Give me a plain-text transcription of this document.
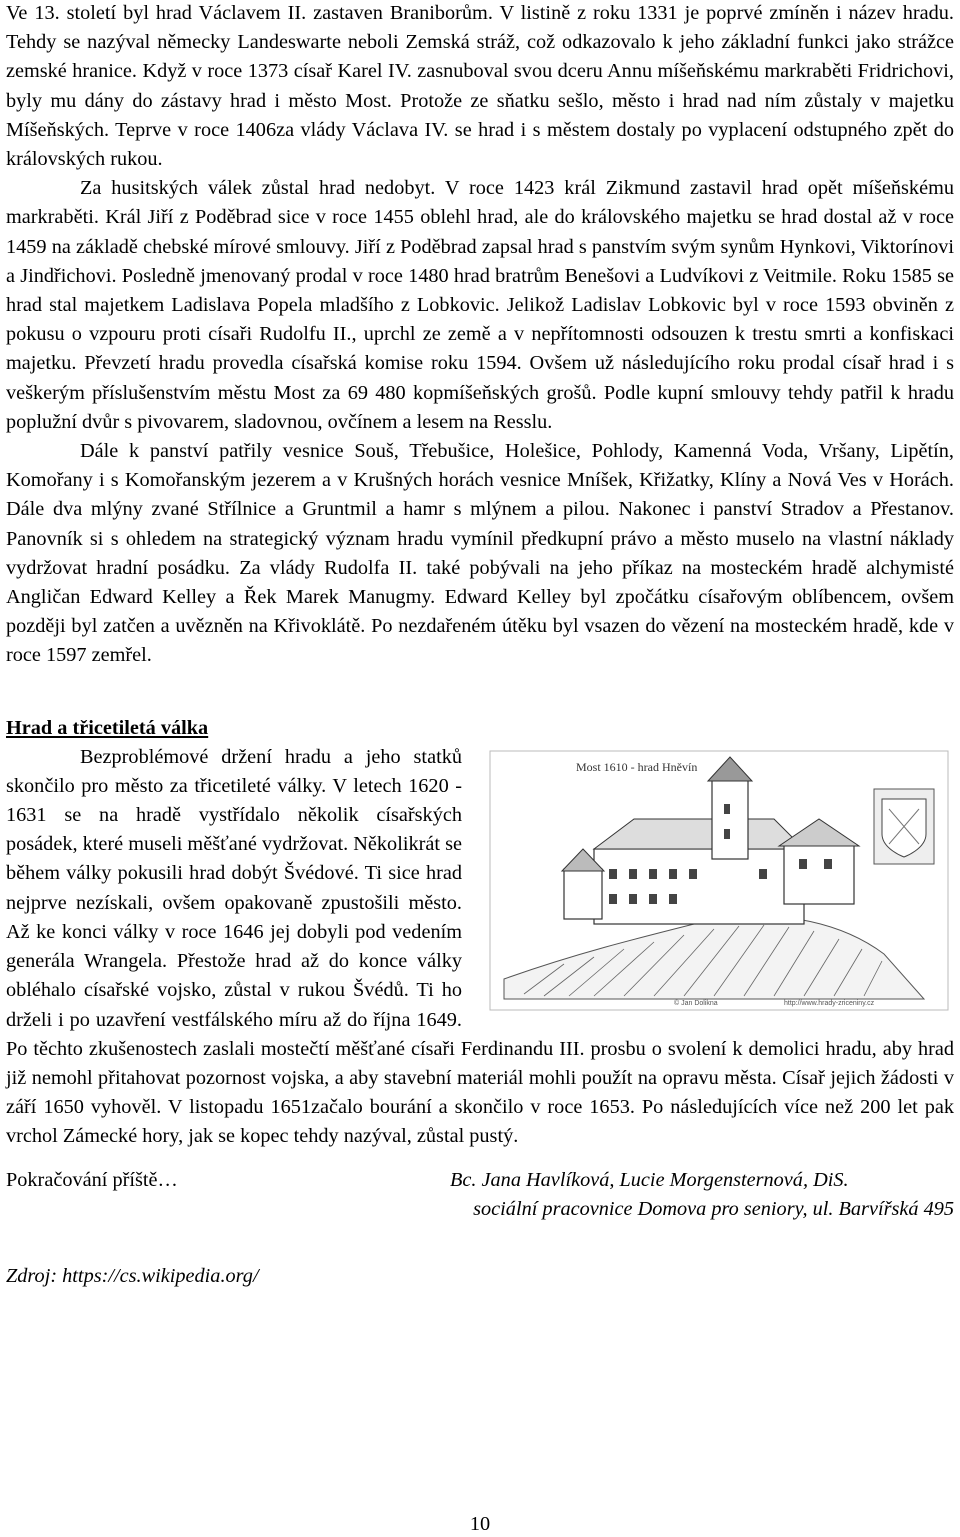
Ve 13. století byl hrad Václavem II. zastaven Braniborům. V listině z roku 1331 je poprvé zmíněn i název hradu. Tehdy se nazýval německy Landeswarte neboli Zemská stráž, což odkazovalo k jeho základní funkci jako strážce zemské hranice. Když v roce 1373 císař Karel IV. zasnuboval svou dceru Annu míšeňskému markraběti Fridrichovi, byly mu dány do zástavy hrad i město Most. Protože ze sňatku sešlo, město i hrad nad ním zůstaly v majetku Míšeňských. Teprve v roce 1406za vlády Václava IV. se hrad i s městem dostaly po vyplacení odstupného zpět do královských rukou.

Za husitských válek zůstal hrad nedobyt. V roce 1423 král Zikmund zastavil hrad opět míšeňskému markraběti. Král Jiří z Poděbrad sice v roce 1455 oblehl hrad, ale do královského majetku se hrad dostal až v roce 1459 na základě chebské mírové smlouvy. Jiří z Poděbrad zapsal hrad s panstvím svým synům Hynkovi, Viktorínovi a Jindřichovi. Posledně jmenovaný prodal v roce 1480 hrad bratrům Benešovi a Ludvíkovi z Veitmile. Roku 1585 se hrad stal majetkem Ladislava Popela mladšího z Lobkovic. Jelikož Ladislav Lobkovic byl v roce 1593 obviněn z pokusu o vzpouru proti císaři Rudolfu II., uprchl ze země a v nepřítomnosti odsouzen k trestu smrti a konfiskaci majetku. Převzetí hradu provedla císařská komise roku 1594. Ovšem už následujícího roku prodal císař hrad i s veškerým příslušenstvím městu Most za 69 480 kopmíšeňských grošů. Podle kupní smlouvy tehdy patřil k hradu poplužní dvůr s pivovarem, sladovnou, ovčínem a lesem na Resslu.

Dále k panství patřily vesnice Souš, Třebušice, Holešice, Pohlody, Kamenná Voda, Vršany, Lipětín, Komořany i s Komořanským jezerem a v Krušných horách vesnice Mníšek, Křižatky, Klíny a Nová Ves v Horách. Dále dva mlýny zvané Střílnice a Gruntmil a hamr s mlýnem a pilou. Nakonec i panství Stradov a Přestanov. Panovník si s ohledem na strategický význam hradu vymínil předkupní právo a město muselo na vlastní náklady vydržovat hradní posádku. Za vlády Rudolfa II. také pobývali na jeho příkaz na mosteckém hradě alchymisté Angličan Edward Kelley a Řek Marek Manugmy. Edward Kelley byl zpočátku císařovým oblíbencem, ovšem později byl zatčen a uvězněn na Křivoklátě. Po nezdařeném útěku byl vsazen do vězení na mosteckém hradě, kde v roce 1597 zemřel.

Hrad a třicetiletá válka
Most 1610 - hrad Hněvín
© Jan Dolikna	http://www.hrady-zriceniny.cz

Bezproblémové držení hradu a jeho statků skončilo pro město za třicetileté války. V letech 1620 - 1631 se na hradě vystřídalo několik císařských posádek, které museli měšťané vydržovat. Několikrát se během války pokusili hrad dobýt Švédové. Ti sice hrad nejprve nezískali, ovšem opakovaně zpustošili město. Až ke konci války v roce 1646 jej dobyli pod vedením generála Wrangela. Přestože hrad až do konce války obléhalo císařské vojsko, zůstal v rukou Švédů. Ti ho drželi i po uzavření vestfálského míru až do října 1649. Po těchto zkušenostech zaslali mostečtí měšťané císaři Ferdinandu III. prosbu o svolení k demolici hradu, aby hrad již nemohl přitahovat pozornost vojska, a aby stavební materiál mohli použít na opravu města. Císař jejich žádosti v září 1650 vyhověl. V listopadu 1651začalo bourání a skončilo v roce 1653. Po následujících více než 200 let pak vrchol Zámecké hory, jak se kopec tehdy nazýval, zůstal pustý.

Pokračování příště…	Bc. Jana Havlíková, Lucie Morgensternová, DiS.
sociální pracovnice Domova pro seniory, ul. Barvířská 495
Zdroj: https://cs.wikipedia.org/
10
